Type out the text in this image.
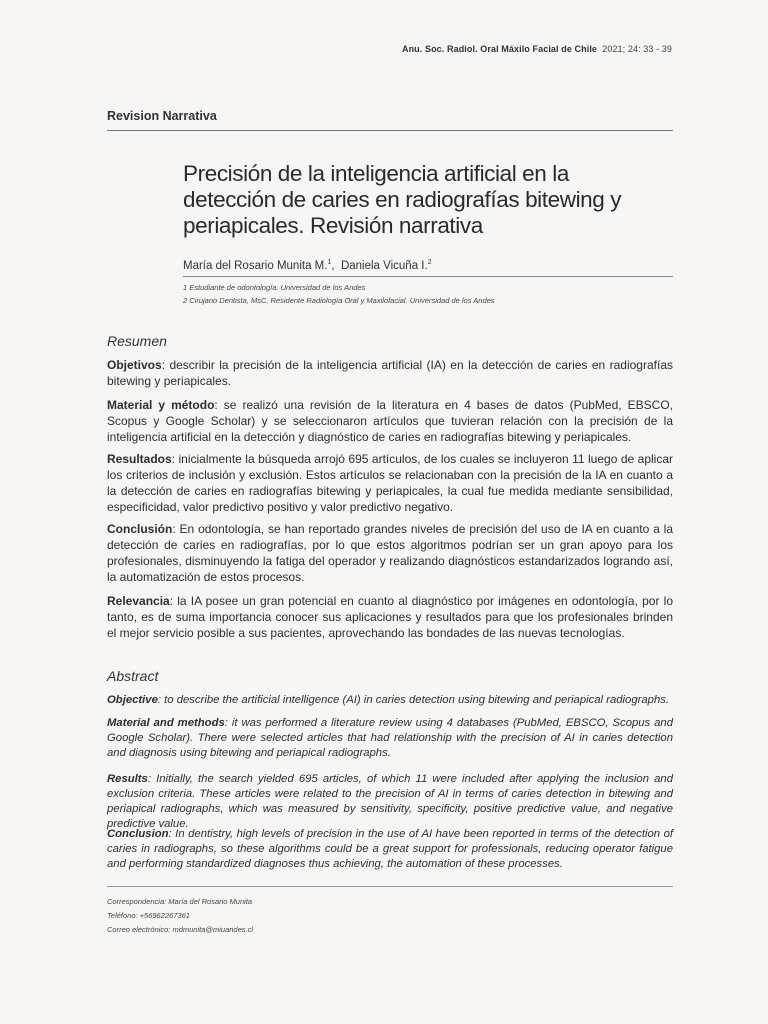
Anu. Soc. Radiol. Oral Máxilo Facial de Chile 2021; 24: 33 - 39
Revision Narrativa
Precisión de la inteligencia artificial en la detección de caries en radiografías bitewing y periapicales. Revisión narrativa
María del Rosario Munita M.$^1$,  Daniela Vicuña I.$^2$
1 Estudiante de odontología. Universidad de los Andes
2 Cirujano Dentista, MsC, Residente Radiología Oral y Maxilofacial. Universidad de los Andes
Resumen

Objetivos: describir la precisión de la inteligencia artificial (IA) en la detección de caries en radiografías bitewing y periapicales.

Material y método: se realizó una revisión de la literatura en 4 bases de datos (PubMed, EBSCO, Scopus y Google Scholar) y se seleccionaron artículos que tuvieran relación con la precisión de la inteligencia artificial en la detección y diagnóstico de caries en radiografías bitewing y periapicales.

Resultados: inicialmente la búsqueda arrojó 695 artículos, de los cuales se incluyeron 11 luego de aplicar los criterios de inclusión y exclusión. Estos artículos se relacionaban con la precisión de la IA en cuanto a la detección de caries en radiografías bitewing y periapicales, la cual fue medida mediante sensibilidad, especificidad, valor predictivo positivo y valor predictivo negativo.

Conclusión: En odontología, se han reportado grandes niveles de precisión del uso de IA en cuanto a la detección de caries en radiografías, por lo que estos algoritmos podrían ser un gran apoyo para los profesionales, disminuyendo la fatiga del operador y realizando diagnósticos estandarizados logrando así, la automatización de estos procesos.

Relevancia: la IA posee un gran potencial en cuanto al diagnóstico por imágenes en odontología, por lo tanto, es de suma importancia conocer sus aplicaciones y resultados para que los profesionales brinden el mejor servicio posible a sus pacientes, aprovechando las bondades de las nuevas tecnologías.

Abstract

Objective: to describe the artificial intelligence (AI) in caries detection using bitewing and periapical radiographs.

Material and methods: it was performed a literature review using 4 databases (PubMed, EBSCO, Scopus and Google Scholar). There were selected articles that had relationship with the precision of AI in caries detection and diagnosis using bitewing and periapical radiographs.

Results: Initially, the search yielded 695 articles, of which 11 were included after applying the inclusion and exclusion criteria. These articles were related to the precision of AI in terms of caries detection in bitewing and periapical radiographs, which was measured by sensitivity, specificity, positive predictive value, and negative predictive value.

Conclusion: In dentistry, high levels of precision in the use of AI have been reported in terms of the detection of caries in radiographs, so these algorithms could be a great support for professionals, reducing operator fatigue and performing standardized diagnoses thus achieving, the automation of these processes.

Correspondencia: María del Rosario Munita
Teléfono: +56962267361
Correo electrónico: mdmunita@miuandes.cl
